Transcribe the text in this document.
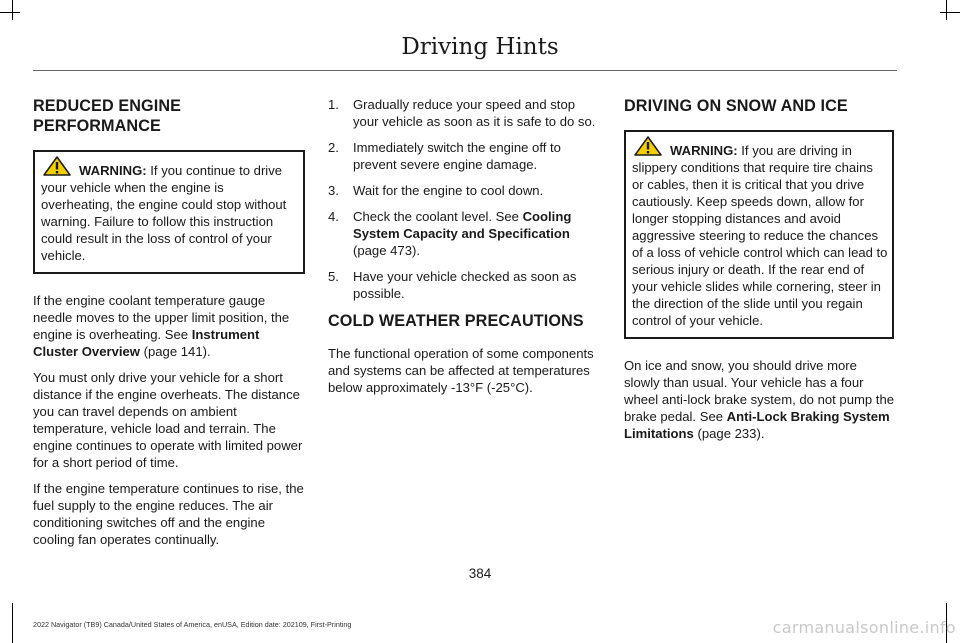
Driving Hints
REDUCED ENGINE PERFORMANCE
WARNING: If you continue to drive your vehicle when the engine is overheating, the engine could stop without warning. Failure to follow this instruction could result in the loss of control of your vehicle.

If the engine coolant temperature gauge needle moves to the upper limit position, the engine is overheating. See Instrument Cluster Overview (page 141).

You must only drive your vehicle for a short distance if the engine overheats. The distance you can travel depends on ambient temperature, vehicle load and terrain. The engine continues to operate with limited power for a short period of time.

If the engine temperature continues to rise, the fuel supply to the engine reduces. The air conditioning switches off and the engine cooling fan operates continually.

1. Gradually reduce your speed and stop your vehicle as soon as it is safe to do so.
2. Immediately switch the engine off to prevent severe engine damage.
3. Wait for the engine to cool down.
4. Check the coolant level. See Cooling System Capacity and Specification (page 473).
5. Have your vehicle checked as soon as possible.
COLD WEATHER PRECAUTIONS

The functional operation of some components and systems can be affected at temperatures below approximately -13°F (-25°C).

DRIVING ON SNOW AND ICE
WARNING: If you are driving in slippery conditions that require tire chains or cables, then it is critical that you drive cautiously. Keep speeds down, allow for longer stopping distances and avoid aggressive steering to reduce the chances of a loss of vehicle control which can lead to serious injury or death. If the rear end of your vehicle slides while cornering, steer in the direction of the slide until you regain control of your vehicle.

On ice and snow, you should drive more slowly than usual. Your vehicle has a four wheel anti-lock brake system, do not pump the brake pedal. See Anti-Lock Braking System Limitations (page 233).

384
2022 Navigator (TB9) Canada/United States of America, enUSA, Edition date: 202109, First-Printing	carmanualsonline.info
